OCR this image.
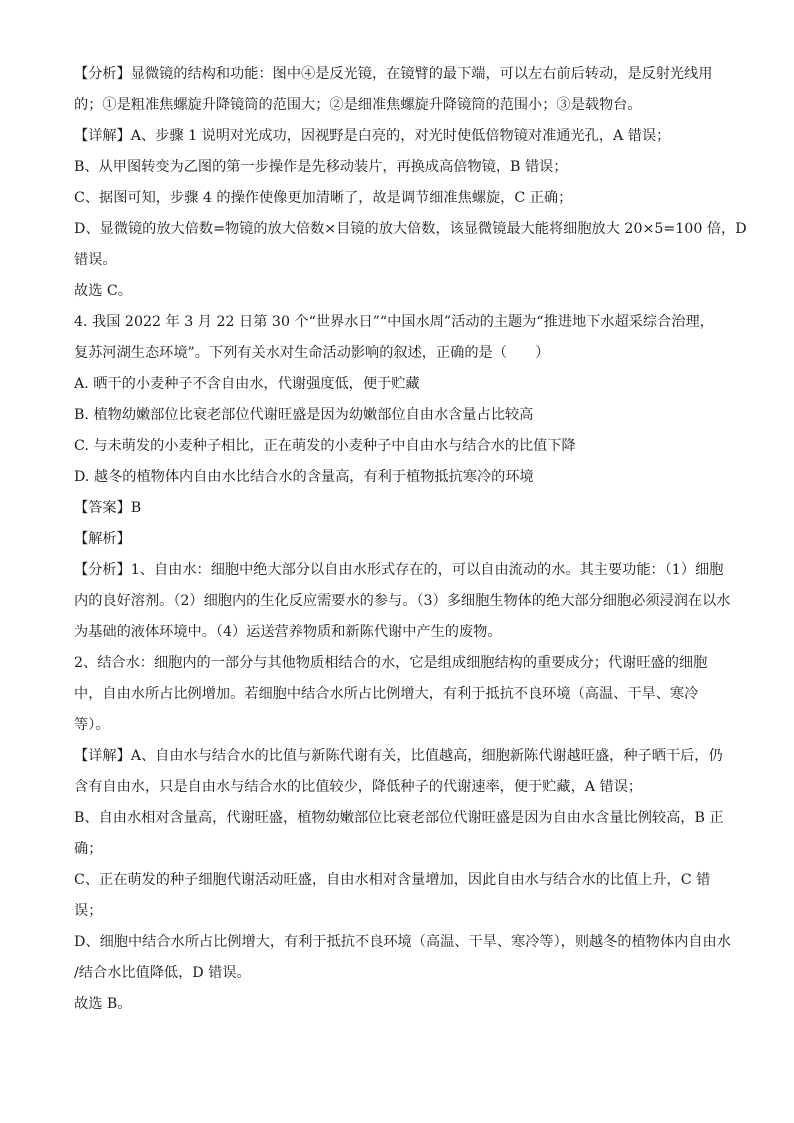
【分析】显微镜的结构和功能：图中④是反光镜，在镜臂的最下端，可以左右前后转动，是反射光线用

的；①是粗准焦螺旋升降镜筒的范围大；②是细准焦螺旋升降镜筒的范围小；③是载物台。

【详解】A、步骤 1 说明对光成功，因视野是白亮的，对光时使低倍物镜对准通光孔，A 错误；

B、从甲图转变为乙图的第一步操作是先移动装片，再换成高倍物镜，B 错误；

C、据图可知，步骤 4 的操作使像更加清晰了，故是调节细准焦螺旋，C 正确；

D、显微镜的放大倍数=物镜的放大倍数×目镜的放大倍数，该显微镜最大能将细胞放大 20×5=100 倍，D

错误。

故选 C。

4. 我国 2022 年 3 月 22 日第 30 个“世界水日”“中国水周”活动的主题为“推进地下水超采综合治理，

复苏河湖生态环境”。下列有关水对生命活动影响的叙述，正确的是（　　）

A. 晒干的小麦种子不含自由水，代谢强度低，便于贮藏

B. 植物幼嫩部位比衰老部位代谢旺盛是因为幼嫩部位自由水含量占比较高

C. 与未萌发的小麦种子相比，正在萌发的小麦种子中自由水与结合水的比值下降

D. 越冬的植物体内自由水比结合水的含量高，有利于植物抵抗寒冷的环境

【答案】B

【解析】

【分析】1、自由水：细胞中绝大部分以自由水形式存在的，可以自由流动的水。其主要功能：（1）细胞

内的良好溶剂。（2）细胞内的生化反应需要水的参与。（3）多细胞生物体的绝大部分细胞必须浸润在以水

为基础的液体环境中。（4）运送营养物质和新陈代谢中产生的废物。

2、结合水：细胞内的一部分与其他物质相结合的水，它是组成细胞结构的重要成分；代谢旺盛的细胞

中，自由水所占比例增加。若细胞中结合水所占比例增大，有利于抵抗不良环境（高温、干旱、寒冷

等）。

【详解】A、自由水与结合水的比值与新陈代谢有关，比值越高，细胞新陈代谢越旺盛，种子晒干后，仍

含有自由水，只是自由水与结合水的比值较少，降低种子的代谢速率，便于贮藏，A 错误；

B、自由水相对含量高，代谢旺盛，植物幼嫩部位比衰老部位代谢旺盛是因为自由水含量比例较高，B 正

确；

C、正在萌发的种子细胞代谢活动旺盛，自由水相对含量增加，因此自由水与结合水的比值上升，C 错

误；

D、细胞中结合水所占比例增大，有利于抵抗不良环境（高温、干旱、寒冷等），则越冬的植物体内自由水

/结合水比值降低，D 错误。

故选 B。
